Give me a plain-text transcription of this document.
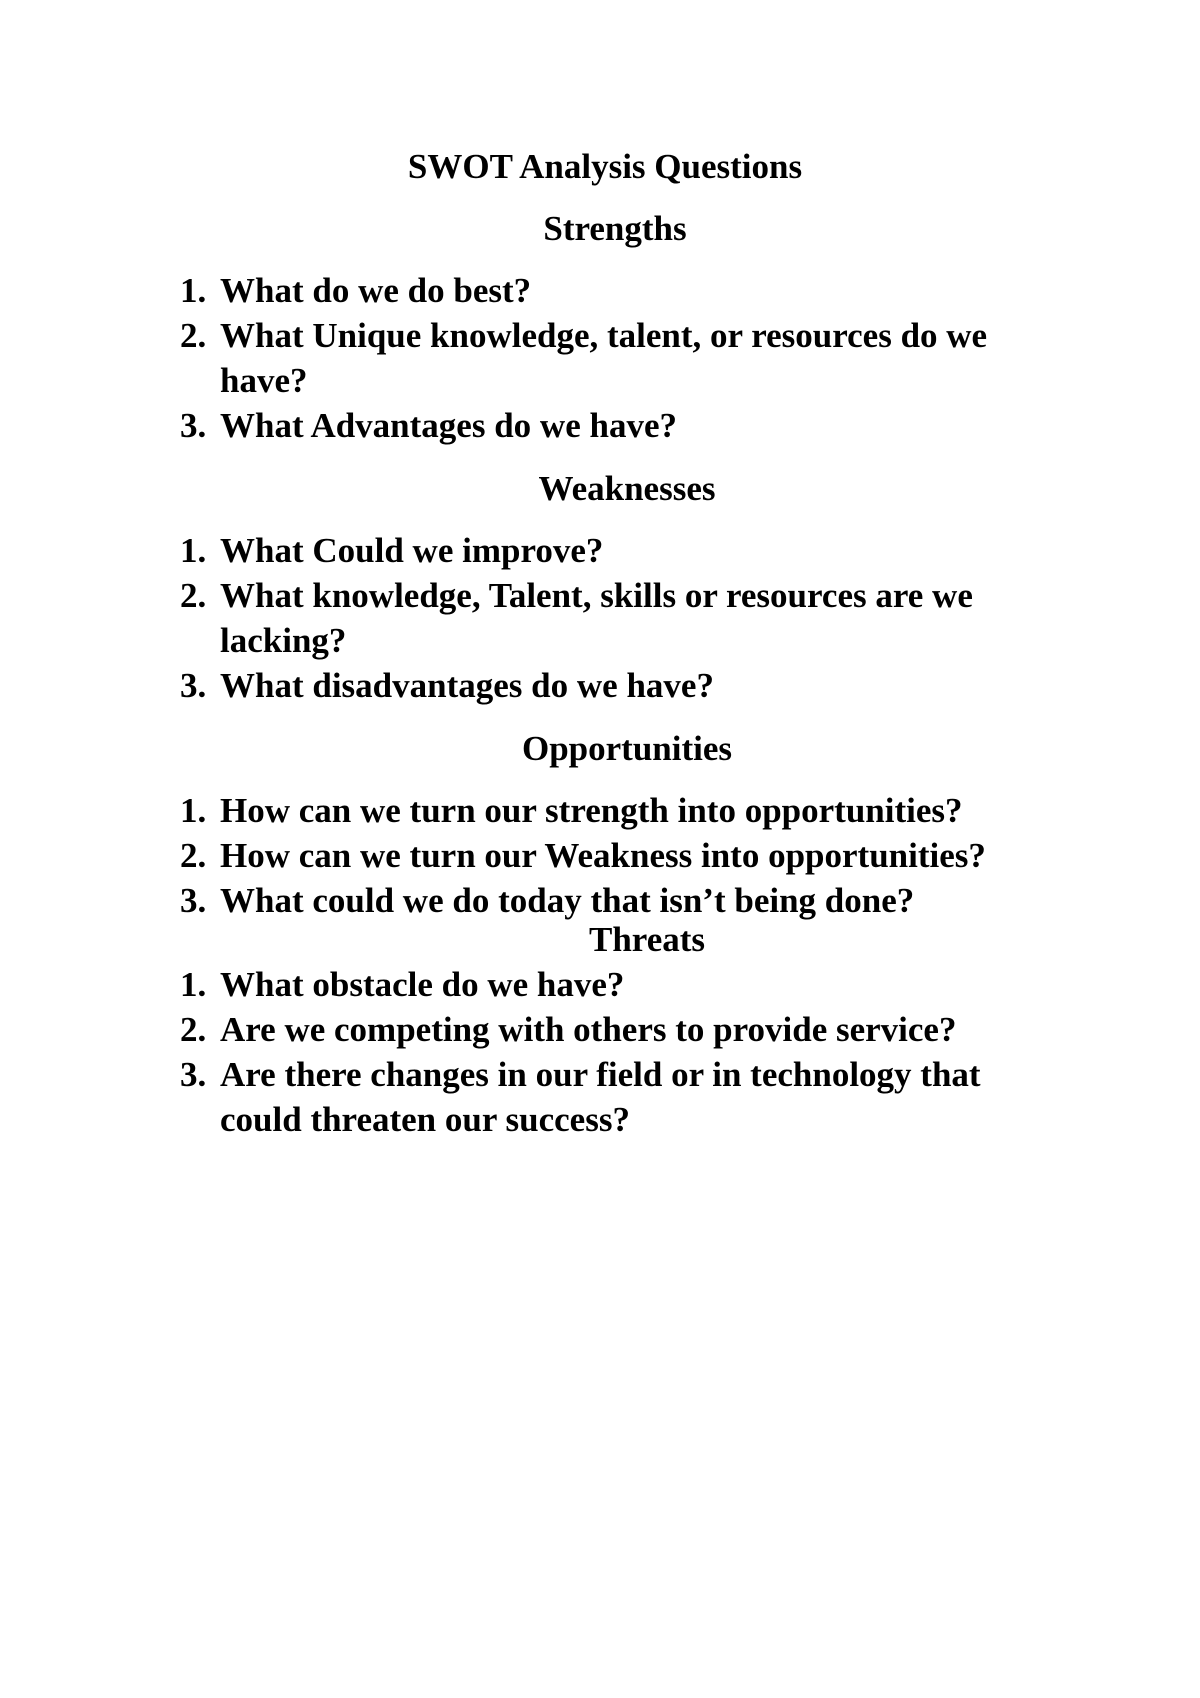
SWOT Analysis Questions
Strengths
1. What do we do best?
2. What Unique knowledge, talent, or resources do we have?
3. What Advantages do we have?
Weaknesses
1. What Could we improve?
2. What knowledge, Talent, skills or resources are we lacking?
3. What disadvantages do we have?
Opportunities
1. How can we turn our strength into opportunities?
2. How can we turn our Weakness into opportunities?
3. What could we do today that isn’t being done?
Threats
1. What obstacle do we have?
2. Are we competing with others to provide service?
3. Are there changes in our field or in technology that could threaten our success?
